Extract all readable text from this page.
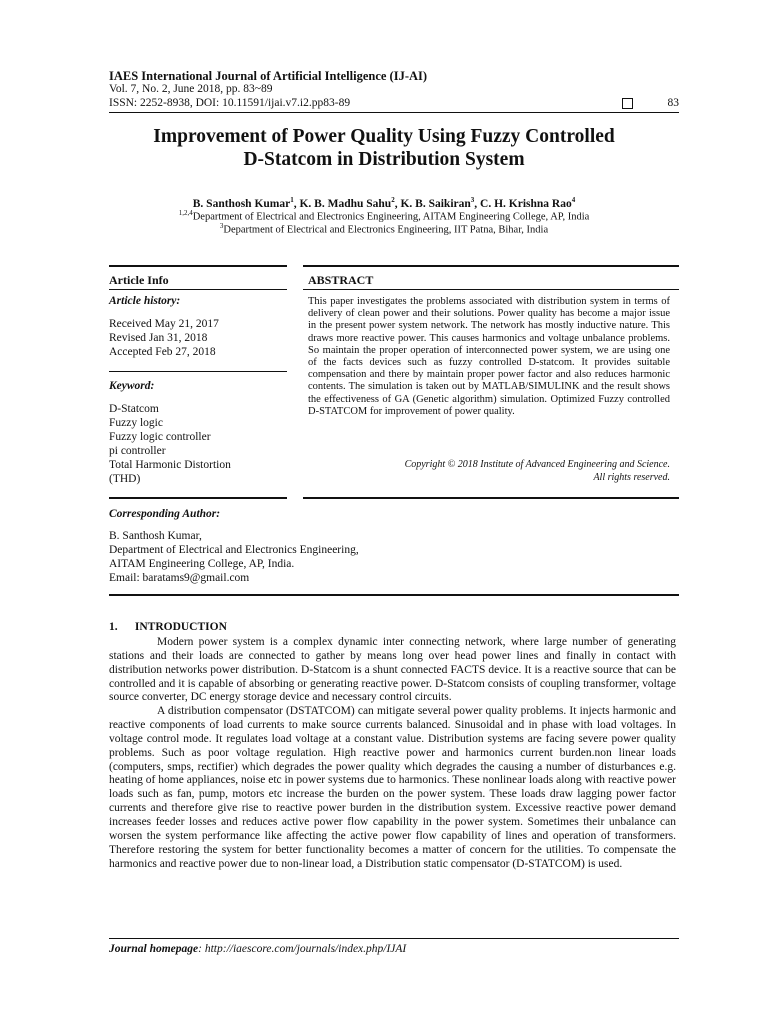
IAES International Journal of Artificial Intelligence (IJ-AI)
Vol. 7, No. 2, June 2018, pp. 83~89
ISSN: 2252-8938, DOI: 10.11591/ijai.v7.i2.pp83-89	83
Improvement of Power Quality Using Fuzzy Controlled
D-Statcom in Distribution System
B. Santhosh Kumar$^1$, K. B. Madhu Sahu$^2$, K. B. Saikiran$^3$, C. H. Krishna Rao$^4$
$^{1,2,4}$Department of Electrical and Electronics Engineering, AITAM Engineering College, AP, India
$^3$Department of Electrical and Electronics Engineering, IIT Patna, Bihar, India
Article Info
Article history:
Received May 21, 2017
Revised Jan 31, 2018
Accepted Feb 27, 2018
Keyword:
D-Statcom
Fuzzy logic
Fuzzy logic controller
pi controller
Total Harmonic Distortion
(THD)
ABSTRACT
This paper investigates the problems associated with distribution system in terms of delivery of clean power and their solutions. Power quality has become a major issue in the present power system network. The network has mostly inductive nature. This draws more reactive power. This causes harmonics and voltage unbalance problems. So maintain the proper operation of interconnected power system, we are using one of the facts devices such as fuzzy controlled D-statcom. It provides suitable compensation and there by maintain proper power factor and also reduces harmonic contents. The simulation is taken out by MATLAB/SIMULINK and the result shows the effectiveness of GA (Genetic algorithm) simulation. Optimized Fuzzy controlled D-STATCOM for improvement of power quality.
Copyright © 2018 Institute of Advanced Engineering and Science.
All rights reserved.
Corresponding Author:
B. Santhosh Kumar,
Department of Electrical and Electronics Engineering,
AITAM Engineering College, AP, India.
Email: baratams9@gmail.com
1.      INTRODUCTION

Modern power system is a complex dynamic inter connecting network, where large number of generating stations and their loads are connected to gather by means long over head power lines and finally in contact with distribution networks power distribution. D-Statcom is a shunt connected FACTS device. It is a reactive source that can be controlled and it is capable of absorbing or generating reactive power. D-Statcom consists of coupling transformer, voltage source converter, DC energy storage device and necessary control circuits.

A distribution compensator (DSTATCOM) can mitigate several power quality problems. It injects harmonic and reactive components of load currents to make source currents balanced. Sinusoidal and in phase with load voltages. In voltage control mode. It regulates load voltage at a constant value. Distribution systems are facing severe power quality problems. Such as poor voltage regulation. High reactive power and harmonics current burden.non linear loads (computers, smps, rectifier) which degrades the power quality which degrades the causing a number of disturbances e.g. heating of home appliances, noise etc in power systems due to harmonics. These nonlinear loads along with reactive power loads such as fan, pump, motors etc increase the burden on the power system. These loads draw lagging power factor currents and therefore give rise to reactive power burden in the distribution system. Excessive reactive power demand increases feeder losses and reduces active power flow capability in the power system. Sometimes their unbalance can worsen the system performance like affecting the active power flow capability of lines and operation of transformers. Therefore restoring the system for better functionality becomes a matter of concern for the utilities. To compensate the harmonics and reactive power due to non-linear load, a Distribution static compensator (D-STATCOM) is used.

Journal homepage: http://iaescore.com/journals/index.php/IJAI
